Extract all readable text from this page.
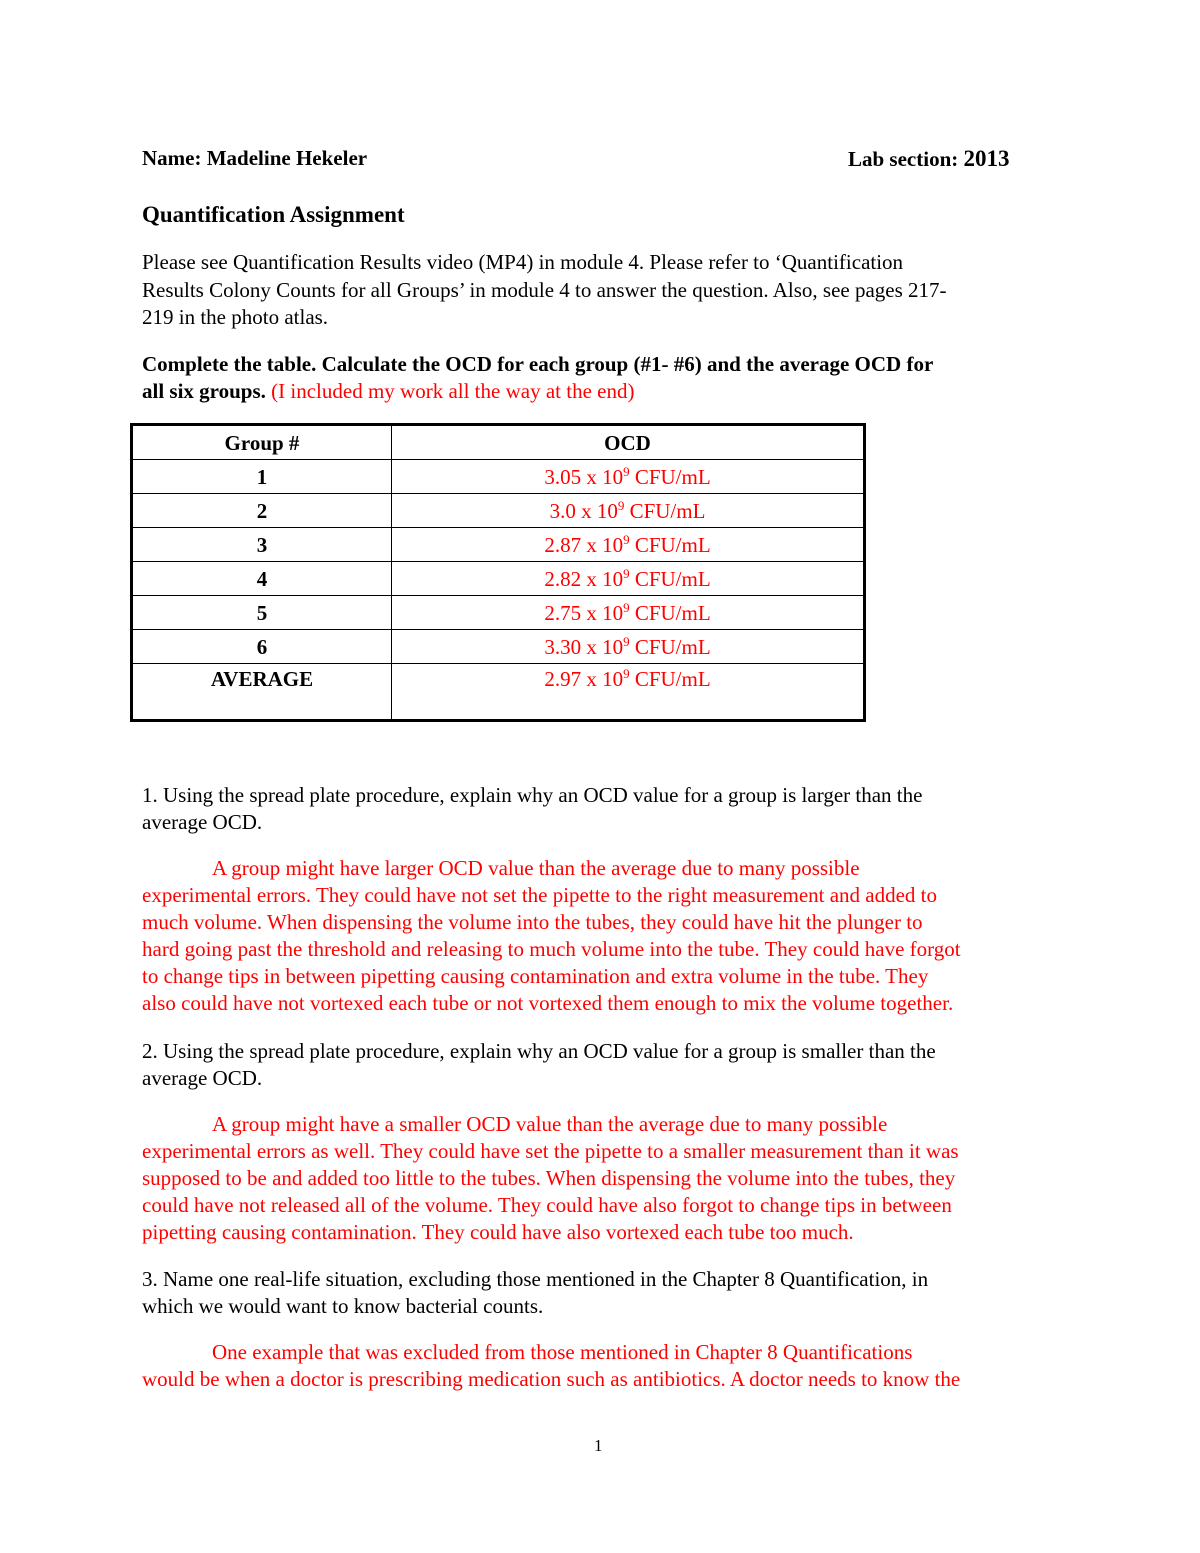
Name: Madeline Hekeler	Lab section: 2013
Quantification Assignment
Please see Quantification Results video (MP4) in module 4. Please refer to ‘Quantification
Results Colony Counts for all Groups’ in module 4 to answer the question. Also, see pages 217-
219 in the photo atlas.
Complete the table. Calculate the OCD for each group (#1- #6) and the average OCD for
all six groups. (I included my work all the way at the end)
Group #	OCD
1	3.05 x $10^9$ CFU/mL
2	3.0 x $10^9$ CFU/mL
3	2.87 x $10^9$ CFU/mL
4	2.82 x $10^9$ CFU/mL
5	2.75 x $10^9$ CFU/mL
6	3.30 x $10^9$ CFU/mL
AVERAGE	2.97 x $10^9$ CFU/mL
1. Using the spread plate procedure, explain why an OCD value for a group is larger than the
average OCD.
A group might have larger OCD value than the average due to many possible
experimental errors. They could have not set the pipette to the right measurement and added to
much volume. When dispensing the volume into the tubes, they could have hit the plunger to
hard going past the threshold and releasing to much volume into the tube. They could have forgot
to change tips in between pipetting causing contamination and extra volume in the tube. They
also could have not vortexed each tube or not vortexed them enough to mix the volume together.
2. Using the spread plate procedure, explain why an OCD value for a group is smaller than the
average OCD.
A group might have a smaller OCD value than the average due to many possible
experimental errors as well. They could have set the pipette to a smaller measurement than it was
supposed to be and added too little to the tubes. When dispensing the volume into the tubes, they
could have not released all of the volume. They could have also forgot to change tips in between
pipetting causing contamination. They could have also vortexed each tube too much.
3. Name one real-life situation, excluding those mentioned in the Chapter 8 Quantification, in
which we would want to know bacterial counts.
One example that was excluded from those mentioned in Chapter 8 Quantifications
would be when a doctor is prescribing medication such as antibiotics. A doctor needs to know the
1
